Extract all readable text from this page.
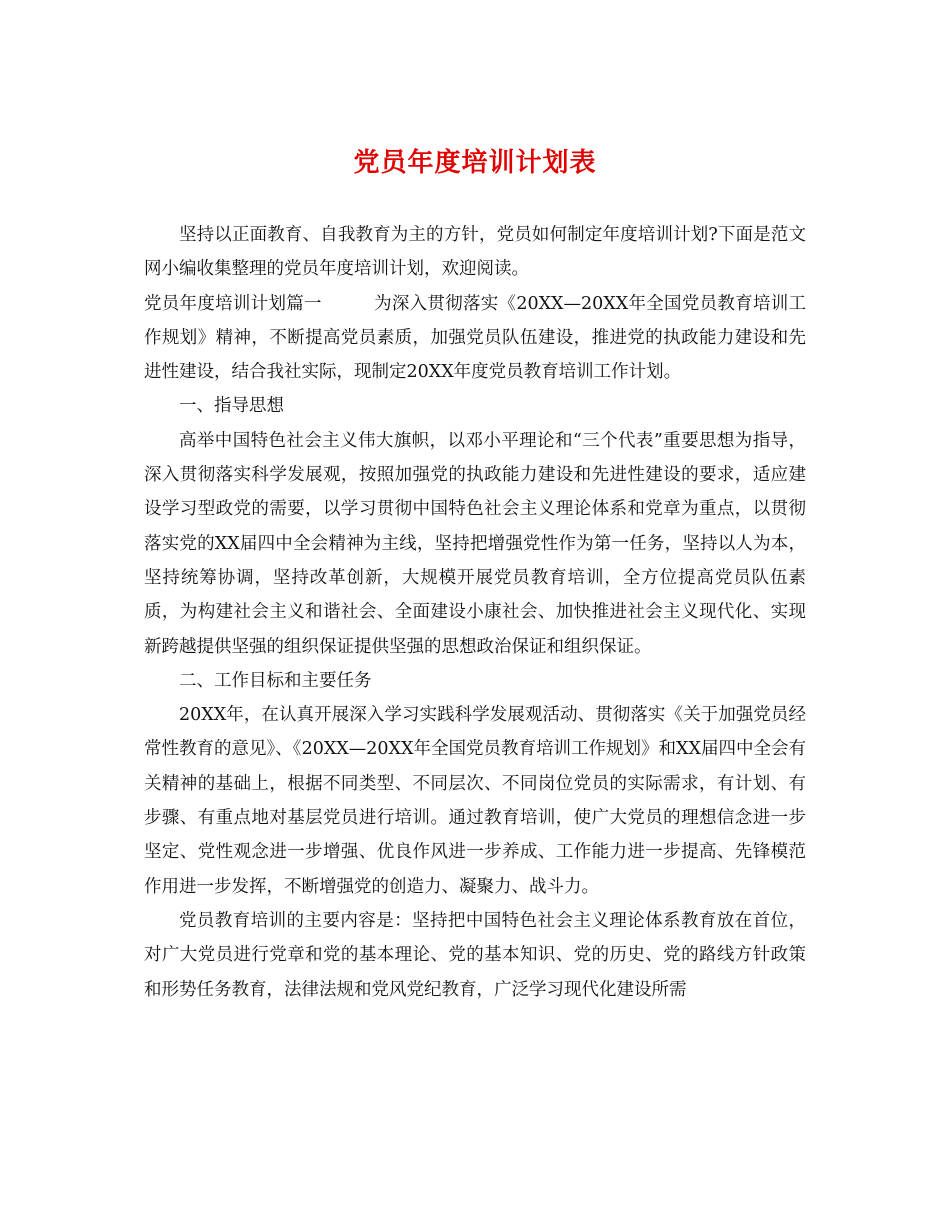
党员年度培训计划表

坚持以正面教育、自我教育为主的方针，党员如何制定年度培训计划?下面是范文网小编收集整理的党员年度培训计划，欢迎阅读。

党员年度培训计划篇一	为深入贯彻落实《20XX—20XX年全国党员教育培训工作规划》精神，不断提高党员素质，加强党员队伍建设，推进党的执政能力建设和先进性建设，结合我社实际，现制定20XX年度党员教育培训工作计划。

一、指导思想

高举中国特色社会主义伟大旗帜，以邓小平理论和“三个代表”重要思想为指导，深入贯彻落实科学发展观，按照加强党的执政能力建设和先进性建设的要求，适应建设学习型政党的需要，以学习贯彻中国特色社会主义理论体系和党章为重点，以贯彻落实党的XX届四中全会精神为主线，坚持把增强党性作为第一任务，坚持以人为本，坚持统筹协调，坚持改革创新，大规模开展党员教育培训，全方位提高党员队伍素质，为构建社会主义和谐社会、全面建设小康社会、加快推进社会主义现代化、实现新跨越提供坚强的组织保证提供坚强的思想政治保证和组织保证。

二、工作目标和主要任务

20XX年，在认真开展深入学习实践科学发展观活动、贯彻落实《关于加强党员经常性教育的意见》、《20XX—20XX年全国党员教育培训工作规划》和XX届四中全会有关精神的基础上，根据不同类型、不同层次、不同岗位党员的实际需求，有计划、有步骤、有重点地对基层党员进行培训。通过教育培训，使广大党员的理想信念进一步坚定、党性观念进一步增强、优良作风进一步养成、工作能力进一步提高、先锋模范作用进一步发挥，不断增强党的创造力、凝聚力、战斗力。

党员教育培训的主要内容是：坚持把中国特色社会主义理论体系教育放在首位，对广大党员进行党章和党的基本理论、党的基本知识、党的历史、党的路线方针政策和形势任务教育，法律法规和党风党纪教育，广泛学习现代化建设所需
